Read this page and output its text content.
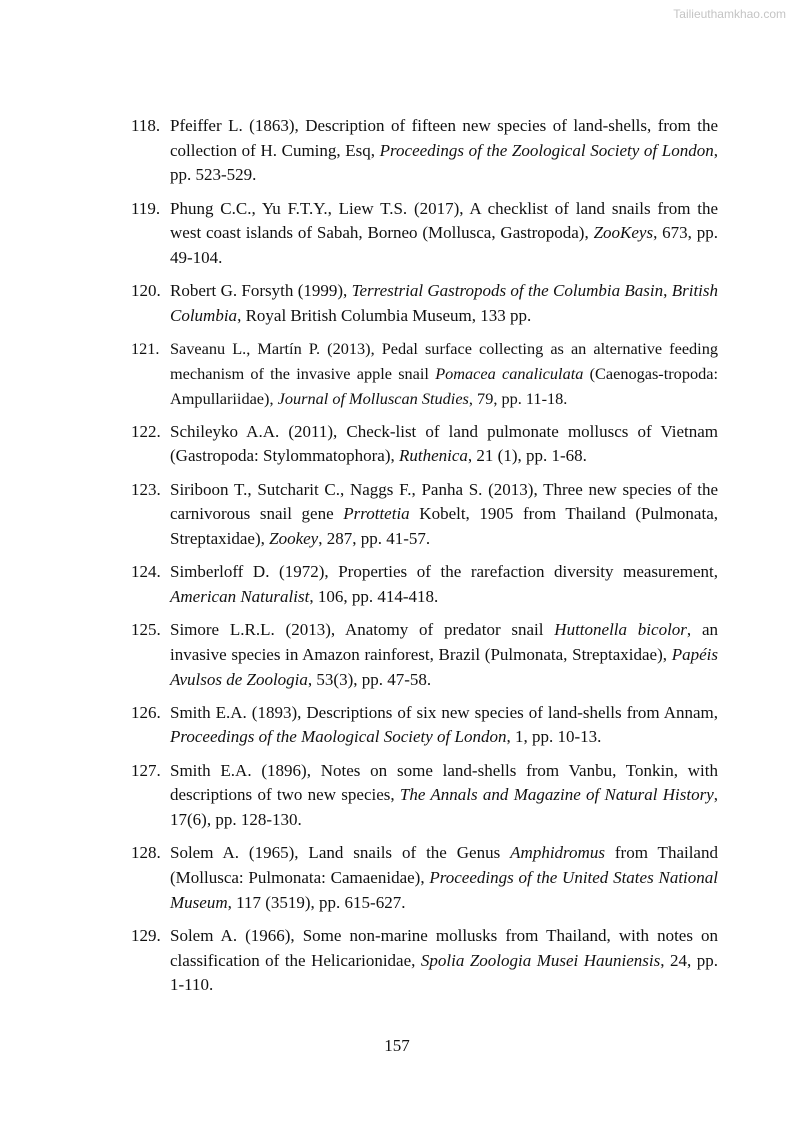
Tailieuthamkhao.com
118. Pfeiffer L. (1863), Description of fifteen new species of land-shells, from the collection of H. Cuming, Esq, Proceedings of the Zoological Society of London, pp. 523-529.
119. Phung C.C., Yu F.T.Y., Liew T.S. (2017), A checklist of land snails from the west coast islands of Sabah, Borneo (Mollusca, Gastropoda), ZooKeys, 673, pp. 49-104.
120. Robert G. Forsyth (1999), Terrestrial Gastropods of the Columbia Basin, British Columbia, Royal British Columbia Museum, 133 pp.
121. Saveanu L., Martín P. (2013), Pedal surface collecting as an alternative feeding mechanism of the invasive apple snail Pomacea canaliculata (Caenogas-tropoda: Ampullariidae), Journal of Molluscan Studies, 79, pp. 11-18.
122. Schileyko A.A. (2011), Check-list of land pulmonate molluscs of Vietnam (Gastropoda: Stylommatophora), Ruthenica, 21 (1), pp. 1-68.
123. Siriboon T., Sutcharit C., Naggs F., Panha S. (2013), Three new species of the carnivorous snail gene Prrottetia Kobelt, 1905 from Thailand (Pulmonata, Streptaxidae), Zookey, 287, pp. 41-57.
124. Simberloff D. (1972), Properties of the rarefaction diversity measurement, American Naturalist, 106, pp. 414-418.
125. Simore L.R.L. (2013), Anatomy of predator snail Huttonella bicolor, an invasive species in Amazon rainforest, Brazil (Pulmonata, Streptaxidae), Papéis Avulsos de Zoologia, 53(3), pp. 47-58.
126. Smith E.A. (1893), Descriptions of six new species of land-shells from Annam, Proceedings of the Maological Society of London, 1, pp. 10-13.
127. Smith E.A. (1896), Notes on some land-shells from Vanbu, Tonkin, with descriptions of two new species, The Annals and Magazine of Natural History, 17(6), pp. 128-130.
128. Solem A. (1965), Land snails of the Genus Amphidromus from Thailand (Mollusca: Pulmonata: Camaenidae), Proceedings of the United States National Museum, 117 (3519), pp. 615-627.
129. Solem A. (1966), Some non-marine mollusks from Thailand, with notes on classification of the Helicarionidae, Spolia Zoologia Musei Hauniensis, 24, pp. 1-110.
157
